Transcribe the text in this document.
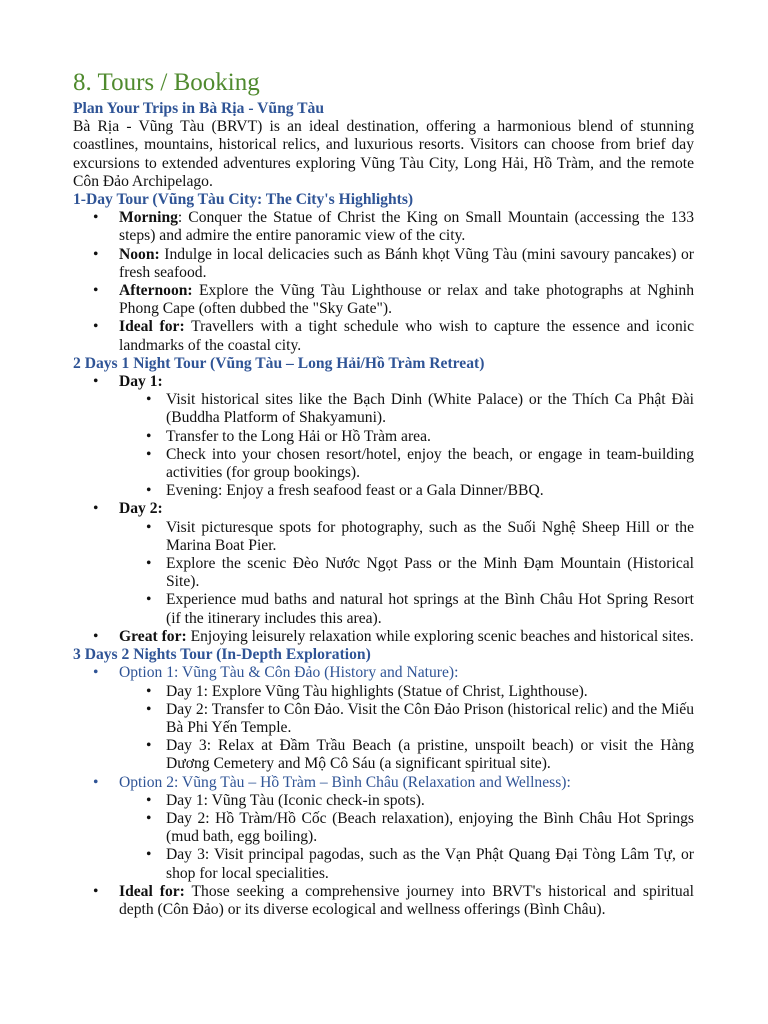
8. Tours / Booking
Plan Your Trips in Bà Rịa - Vũng Tàu

Bà Rịa - Vũng Tàu (BRVT) is an ideal destination, offering a harmonious blend of stunning coastlines, mountains, historical relics, and luxurious resorts. Visitors can choose from brief day excursions to extended adventures exploring Vũng Tàu City, Long Hải, Hồ Tràm, and the remote Côn Đảo Archipelago.

1-Day Tour (Vũng Tàu City: The City's Highlights)
• Morning: Conquer the Statue of Christ the King on Small Mountain (accessing the 133 steps) and admire the entire panoramic view of the city.
• Noon: Indulge in local delicacies such as Bánh khọt Vũng Tàu (mini savoury pancakes) or fresh seafood.
• Afternoon: Explore the Vũng Tàu Lighthouse or relax and take photographs at Nghinh Phong Cape (often dubbed the "Sky Gate").
• Ideal for: Travellers with a tight schedule who wish to capture the essence and iconic landmarks of the coastal city.
2 Days 1 Night Tour (Vũng Tàu – Long Hải/Hồ Tràm Retreat)
• Day 1:
• Visit historical sites like the Bạch Dinh (White Palace) or the Thích Ca Phật Đài (Buddha Platform of Shakyamuni).
• Transfer to the Long Hải or Hồ Tràm area.
• Check into your chosen resort/hotel, enjoy the beach, or engage in team-building activities (for group bookings).
• Evening: Enjoy a fresh seafood feast or a Gala Dinner/BBQ.
• Day 2:
• Visit picturesque spots for photography, such as the Suối Nghệ Sheep Hill or the Marina Boat Pier.
• Explore the scenic Đèo Nước Ngọt Pass or the Minh Đạm Mountain (Historical Site).
• Experience mud baths and natural hot springs at the Bình Châu Hot Spring Resort (if the itinerary includes this area).
• Great for: Enjoying leisurely relaxation while exploring scenic beaches and historical sites.
3 Days 2 Nights Tour (In-Depth Exploration)
• Option 1: Vũng Tàu & Côn Đảo (History and Nature):
• Day 1: Explore Vũng Tàu highlights (Statue of Christ, Lighthouse).
• Day 2: Transfer to Côn Đảo. Visit the Côn Đảo Prison (historical relic) and the Miếu Bà Phi Yến Temple.
• Day 3: Relax at Đầm Trầu Beach (a pristine, unspoilt beach) or visit the Hàng Dương Cemetery and Mộ Cô Sáu (a significant spiritual site).
• Option 2: Vũng Tàu – Hồ Tràm – Bình Châu (Relaxation and Wellness):
• Day 1: Vũng Tàu (Iconic check-in spots).
• Day 2: Hồ Tràm/Hồ Cốc (Beach relaxation), enjoying the Bình Châu Hot Springs (mud bath, egg boiling).
• Day 3: Visit principal pagodas, such as the Vạn Phật Quang Đại Tòng Lâm Tự, or shop for local specialities.
• Ideal for: Those seeking a comprehensive journey into BRVT's historical and spiritual depth (Côn Đảo) or its diverse ecological and wellness offerings (Bình Châu).
